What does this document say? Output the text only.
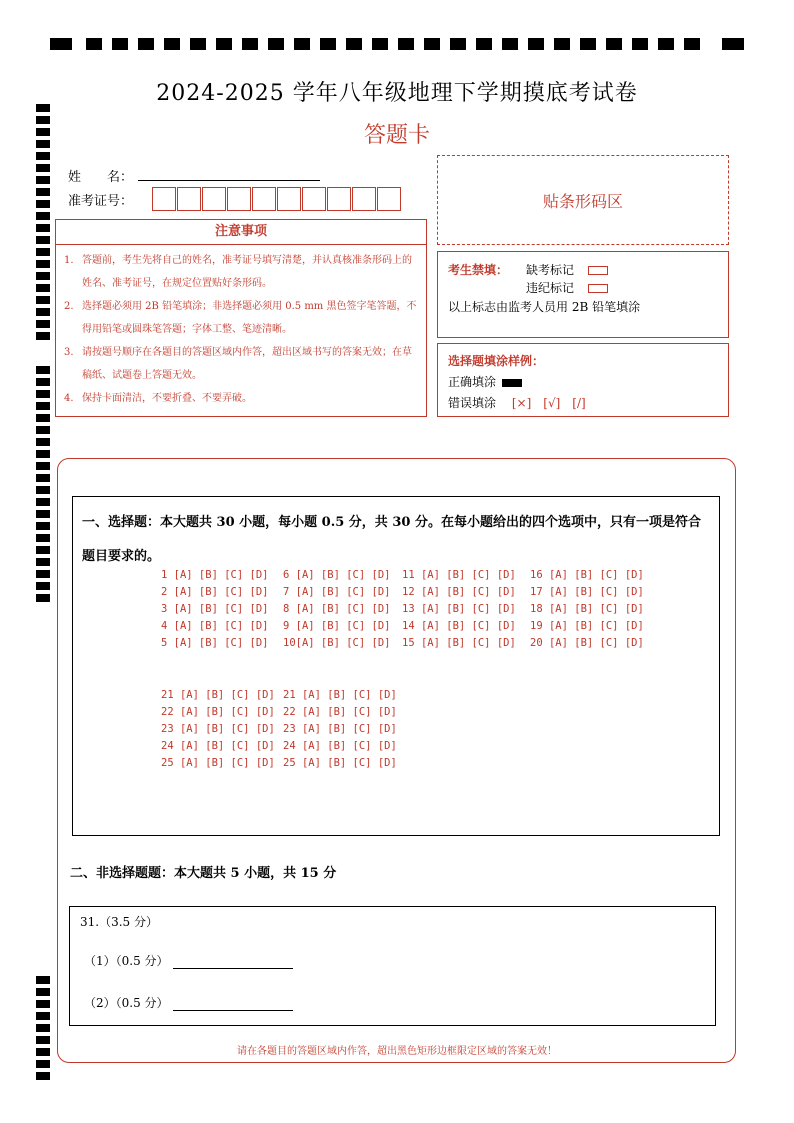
2024-2025 学年八年级地理下学期摸底考试卷
答题卡
姓　　名：
准考证号：	贴条形码区
注意事项
1. 答题前，考生先将自己的姓名，准考证号填写清楚，并认真核准条形码上的姓名、准考证号，在规定位置贴好条形码。
2. 选择题必须用 2B 铅笔填涂；非选择题必须用 0.5 mm 黑色签字笔答题，不得用铅笔或圆珠笔答题；字体工整、笔迹清晰。
3. 请按题号顺序在各题目的答题区域内作答，超出区域书写的答案无效；在草稿纸、试题卷上答题无效。
4. 保持卡面清洁，不要折叠、不要弄破。
考生禁填： 缺考标记
违纪标记
以上标志由监考人员用 2B 铅笔填涂
选择题填涂样例：
正确填涂
错误填涂 [×]　[√]　[/]
一、选择题：本大题共 30 小题，每小题 0.5 分，共 30 分。在每小题给出的四个选项中，只有一项是符合题目要求的。
1 [A] [B] [C] [D] 6 [A] [B] [C] [D] 11 [A] [B] [C] [D] 16 [A] [B] [C] [D]
2 [A] [B] [C] [D] 7 [A] [B] [C] [D] 12 [A] [B] [C] [D] 17 [A] [B] [C] [D]
3 [A] [B] [C] [D] 8 [A] [B] [C] [D] 13 [A] [B] [C] [D] 18 [A] [B] [C] [D]
4 [A] [B] [C] [D] 9 [A] [B] [C] [D] 14 [A] [B] [C] [D] 19 [A] [B] [C] [D]
5 [A] [B] [C] [D] 10[A] [B] [C] [D] 15 [A] [B] [C] [D] 20 [A] [B] [C] [D]
21 [A] [B] [C] [D] 21 [A] [B] [C] [D]
22 [A] [B] [C] [D] 22 [A] [B] [C] [D]
23 [A] [B] [C] [D] 23 [A] [B] [C] [D]
24 [A] [B] [C] [D] 24 [A] [B] [C] [D]
25 [A] [B] [C] [D] 25 [A] [B] [C] [D]
二、非选择题题：本大题共 5 小题，共 15 分
31.（3.5 分）
（1）（0.5 分）
（2）（0.5 分）
请在各题目的答题区域内作答，超出黑色矩形边框限定区域的答案无效！
